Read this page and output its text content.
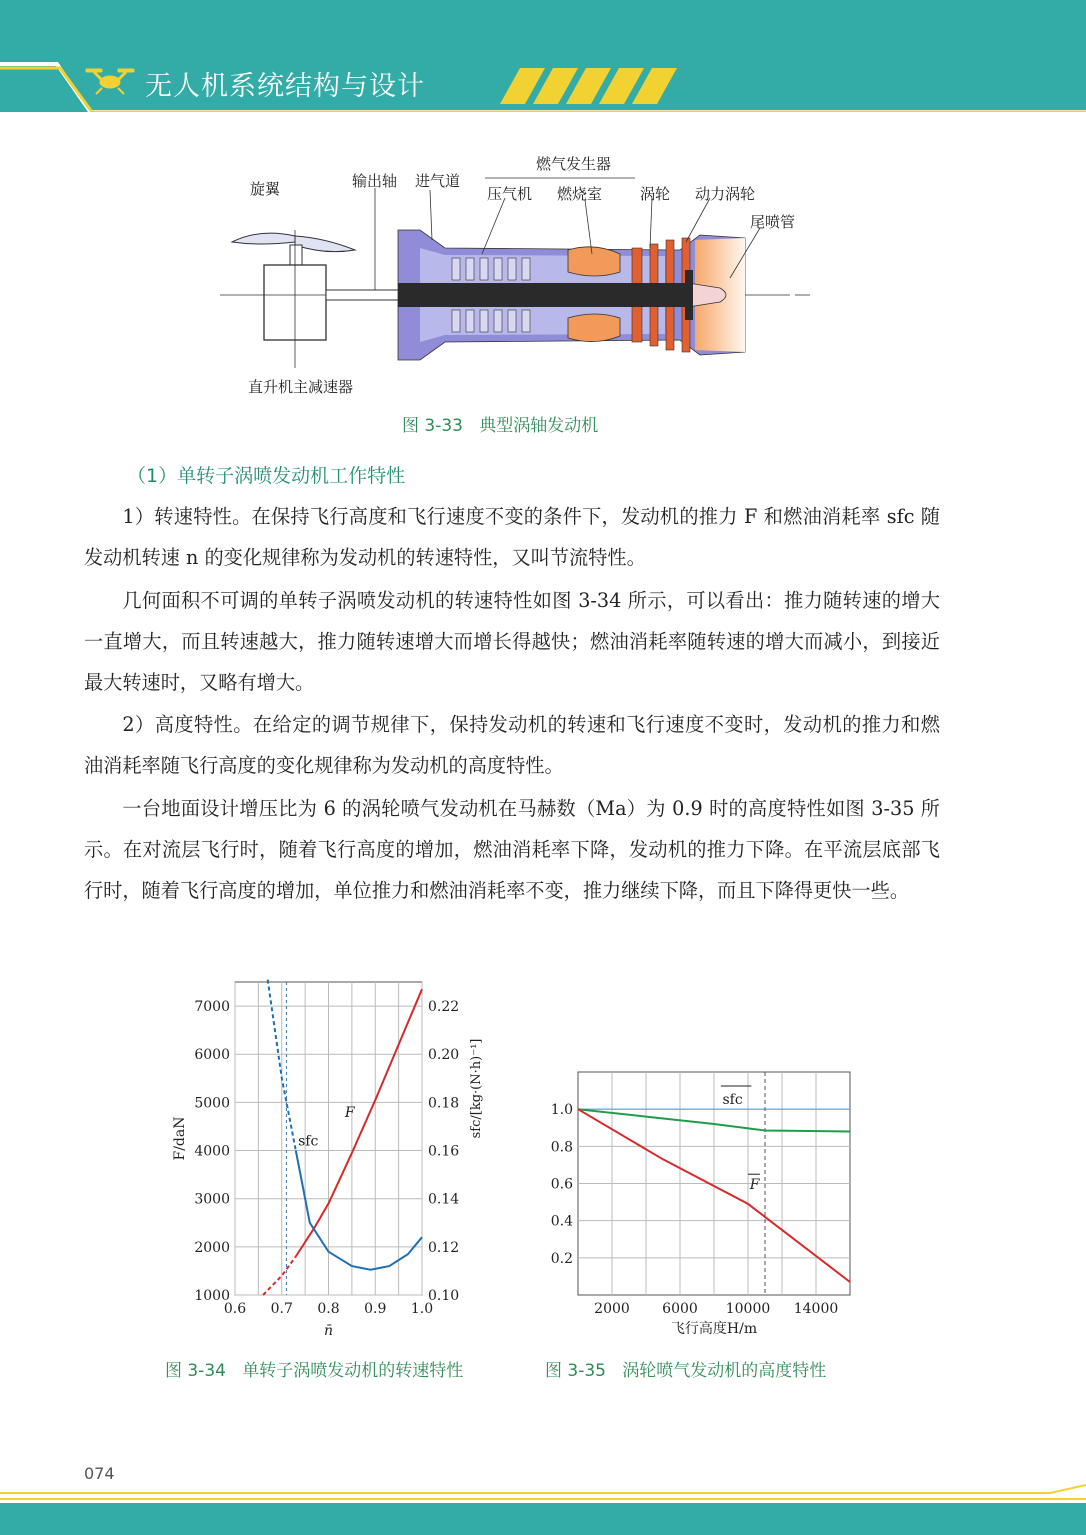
无人机系统结构与设计
旋翼	输出轴 进气道
燃气发生器
压气机 燃烧室	涡轮 动力涡轮
尾喷管
直升机主减速器
图 3-33 典型涡轴发动机
（1）单转子涡喷发动机工作特性

1）转速特性。在保持飞行高度和飞行速度不变的条件下，发动机的推力 F 和燃油消耗率 sfc 随发动机转速 n 的变化规律称为发动机的转速特性，又叫节流特性。

几何面积不可调的单转子涡喷发动机的转速特性如图 3-34 所示，可以看出：推力随转速的增大一直增大，而且转速越大，推力随转速增大而增长得越快；燃油消耗率随转速的增大而减小，到接近最大转速时，又略有增大。

2）高度特性。在给定的调节规律下，保持发动机的转速和飞行速度不变时，发动机的推力和燃油消耗率随飞行高度的变化规律称为发动机的高度特性。

一台地面设计增压比为 6 的涡轮喷气发动机在马赫数（Ma）为 0.9 时的高度特性如图 3-35 所示。在对流层飞行时，随着飞行高度的增加，燃油消耗率下降，发动机的推力下降。在平流层底部飞行时，随着飞行高度的增加，单位推力和燃油消耗率不变，推力继续下降，而且下降得更快一些。

0.6 0.7 0.8 0.9 1.0
1000
2000
3000
4000
5000
6000
7000
0.10
0.12
0.14
0.16
0.18
0.20
0.22
n̄
F/daN
sfc/[kg·(N·h)⁻¹]
sfc
F
2000 6000 10000 14000
0.2
0.4
0.6
0.8
1.0
飞行高度H/m
sfc
F
图 3-34 单转子涡喷发动机的转速特性	图 3-35 涡轮喷气发动机的高度特性
074
